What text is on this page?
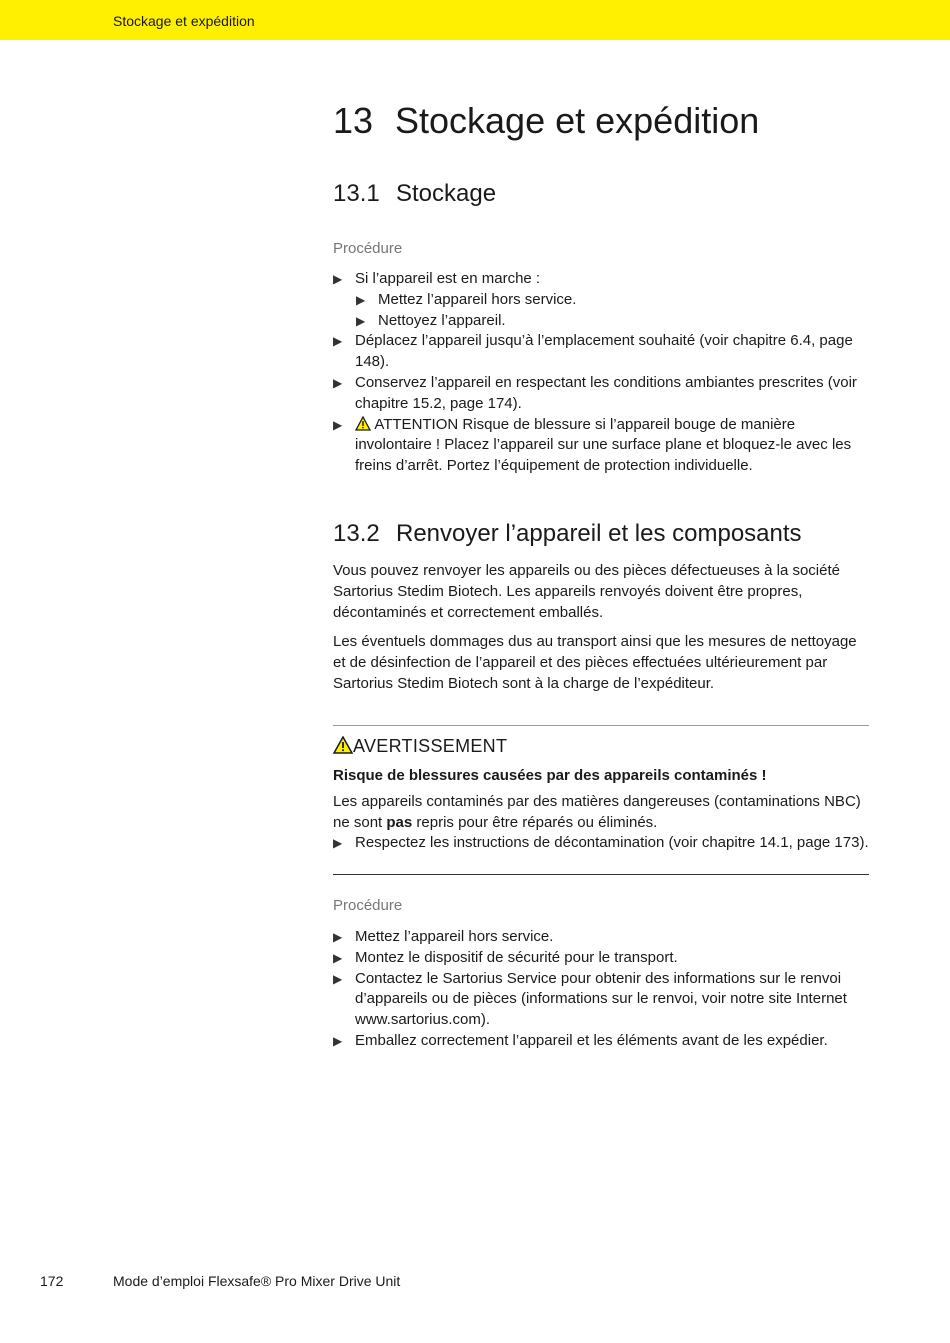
Stockage et expédition
13 Stockage et expédition
13.1 Stockage

Procédure

▶ Si l’appareil est en marche :
▶ Mettez l’appareil hors service.
▶ Nettoyez l’appareil.
▶ Déplacez l’appareil jusqu’à l’emplacement souhaité (voir chapitre 6.4, page 148).
▶ Conservez l’appareil en respectant les conditions ambiantes prescrites (voir chapitre 15.2, page 174).
▶ ATTENTION Risque de blessure si l’appareil bouge de manière involontaire ! Placez l’appareil sur une surface plane et bloquez-le avec les freins d’arrêt. Portez l’équipement de protection individuelle.
13.2 Renvoyer l’appareil et les composants

Vous pouvez renvoyer les appareils ou des pièces défectueuses à la société Sartorius Stedim Biotech. Les appareils renvoyés doivent être propres, décontaminés et correctement emballés.

Les éventuels dommages dus au transport ainsi que les mesures de nettoyage et de désinfection de l’appareil et des pièces effectuées ultérieurement par Sartorius Stedim Biotech sont à la charge de l’expéditeur.

AVERTISSEMENT
Risque de blessures causées par des appareils contaminés !

Les appareils contaminés par des matières dangereuses (contaminations NBC) ne sont pas repris pour être réparés ou éliminés.

▶ Respectez les instructions de décontamination (voir chapitre 14.1, page 173).

Procédure

▶ Mettez l’appareil hors service.
▶ Montez le dispositif de sécurité pour le transport.
▶ Contactez le Sartorius Service pour obtenir des informations sur le renvoi d’appareils ou de pièces (informations sur le renvoi, voir notre site Internet www.sartorius.com).
▶ Emballez correctement l’appareil et les éléments avant de les expédier.
172	Mode d’emploi Flexsafe® Pro Mixer Drive Unit
